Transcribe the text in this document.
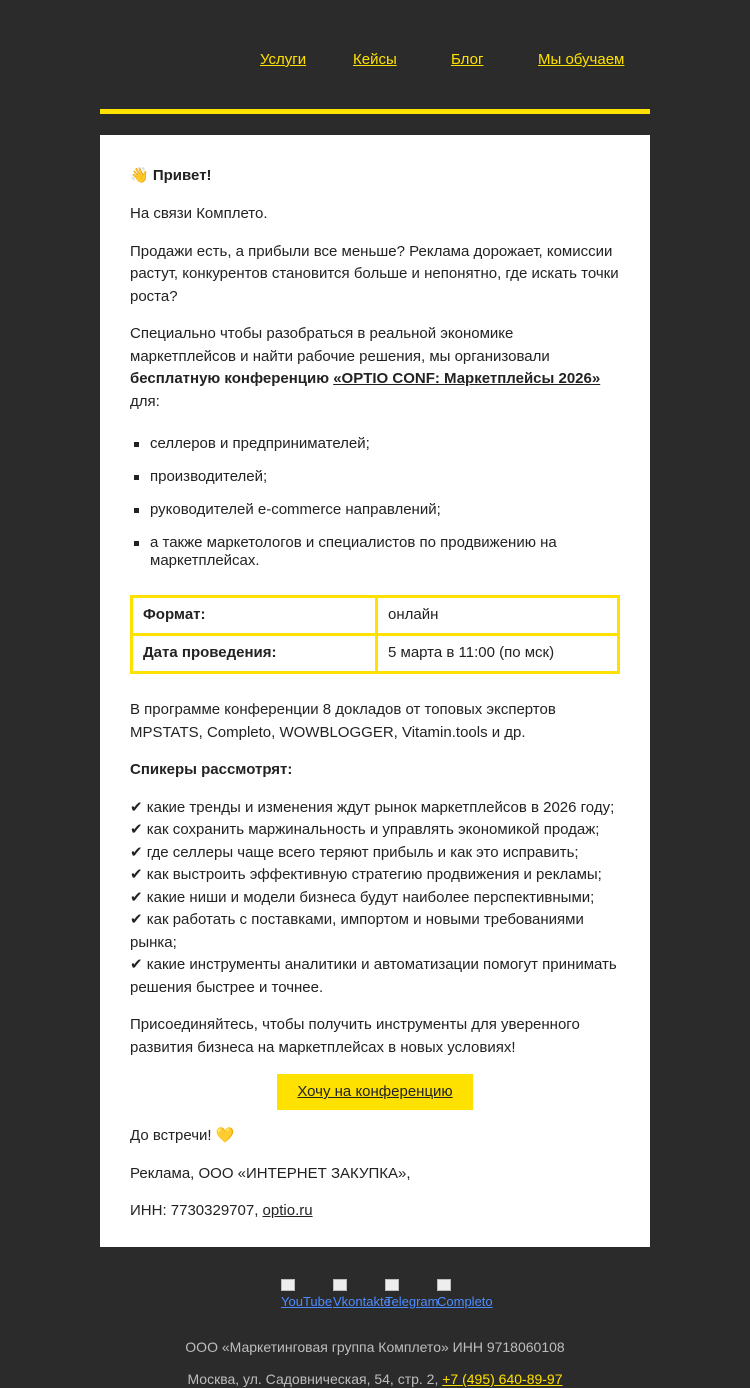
Услуги	Кейсы	Блог	Мы обучаем

👋 Привет!

На связи Комплето.

Продажи есть, а прибыли все меньше? Реклама дорожает, комиссии растут, конкурентов становится больше и непонятно, где искать точки роста?

Специально чтобы разобраться в реальной экономике маркетплейсов и найти рабочие решения, мы организовали бесплатную конференцию «OPTIO CONF: Маркетплейсы 2026» для:

селлеров и предпринимателей;
производителей;
руководителей e-commerce направлений;
а также маркетологов и специалистов по продвижению на маркетплейсах.
Формат:	онлайн
Дата проведения:	5 марта в 11:00 (по мск)

В программе конференции 8 докладов от топовых экспертов MPSTATS, Completo, WOWBLOGGER, Vitamin.tools и др.

Спикеры рассмотрят:

✔ какие тренды и изменения ждут рынок маркетплейсов в 2026 году;

✔ как сохранить маржинальность и управлять экономикой продаж;

✔ где селлеры чаще всего теряют прибыль и как это исправить;

✔ как выстроить эффективную стратегию продвижения и рекламы;

✔ какие ниши и модели бизнеса будут наиболее перспективными;

✔ как работать с поставками, импортом и новыми требованиями рынка;

✔ какие инструменты аналитики и автоматизации помогут принимать решения быстрее и точнее.

Присоединяйтесь, чтобы получить инструменты для уверенного развития бизнеса на маркетплейсах в новых условиях!

Хочу на конференцию

До встречи! 💛

Реклама, ООО «ИНТЕРНЕТ ЗАКУПКА»,

ИНН: 7730329707, optio.ru

YouTube Vkontakte
Telegram
Completo

ООО «Маркетинговая группа Комплето» ИНН 9718060108

Москва, ул. Садовническая, 54, стр. 2, +7 (495) 640-89-97
